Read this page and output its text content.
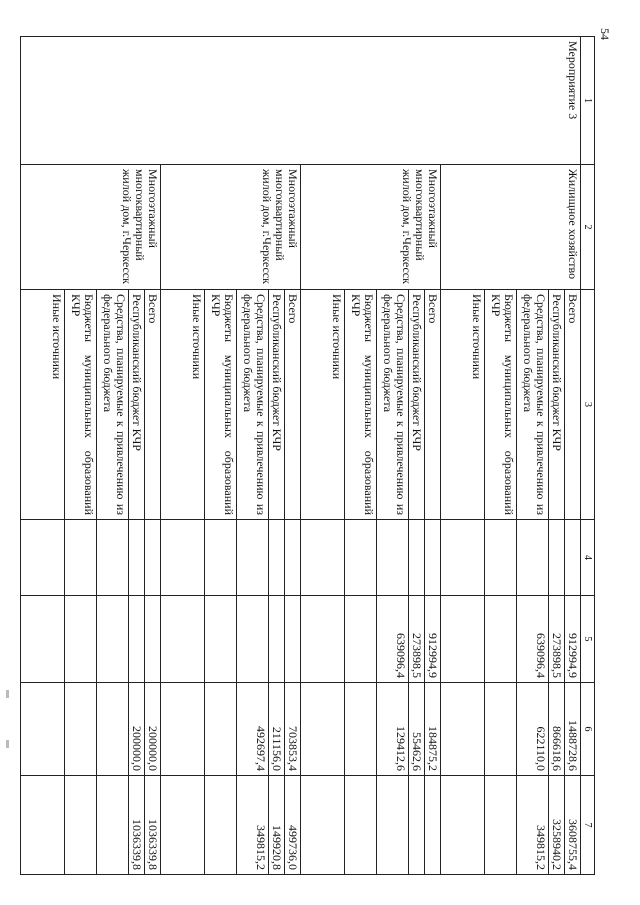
54
1	2	3	4	5	6	7
Мероприятие 3	Жилищное хозяйство	Всего		912994,9	1488728,6	3608755,4
		Республиканский бюджет КЧР		273898,5	866618,6	3258940,2
		Средства, планируемые к привлечению из федерального бюджета		639096,4	622110,0	349815,2
		Бюджеты муниципальных образований КЧР				
		Иные источники				
	Многоэтажный многоквартирный жилой дом, г.Черкесск	Всего		912994,9	184875,2	
		Республиканский бюджет КЧР		273898,5	55462,6	
		Средства, планируемые к привлечению из федерального бюджета		639096,4	129412,6	
		Бюджеты муниципальных образований КЧР				
		Иные источники				
	Многоэтажный многоквартирный жилой дом, г.Черкесск	Всего			703853,4	499736,0
		Республиканский бюджет КЧР			211156,0	149920,8
		Средства, планируемые к привлечению из федерального бюджета			492697,4	349815,2
		Бюджеты муниципальных образований КЧР				
		Иные источники				
	Многоэтажный многоквартирный жилой дом, г.Черкесск	Всего			200000,0	1036339,8
		Республиканский бюджет КЧР			200000,0	1036339,8
		Средства, планируемые к привлечению из федерального бюджета				
		Бюджеты муниципальных образований КЧР				
		Иные источники				
